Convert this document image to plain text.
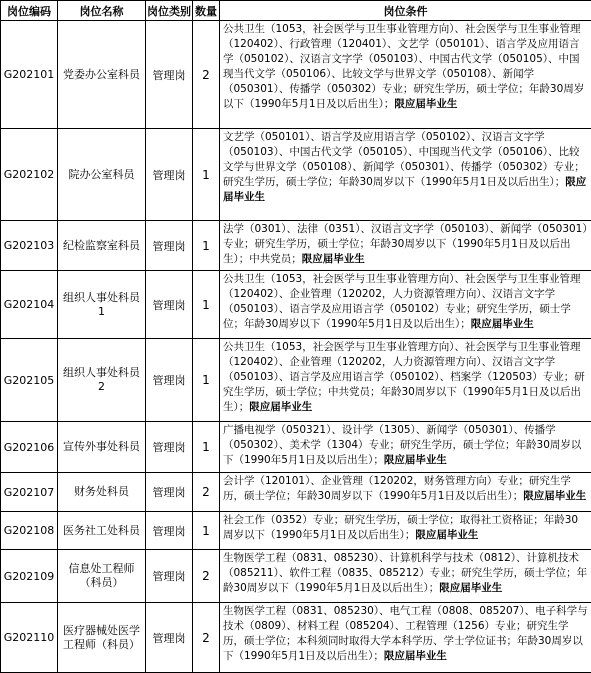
岗位编码	岗位名称	岗位类别	数量	岗位条件
G202101	党委办公室科员	管理岗	2	公共卫生（1053，社会医学与卫生事业管理方向）、社会医学与卫生事业管理（120402）、行政管理（120401）、文艺学（050101）、语言学及应用语言学（050102）、汉语言文字学（050103）、中国古代文学（050105）、中国现当代文学（050106）、比较文学与世界文学（050108）、新闻学（050301）、传播学（050302）专业；研究生学历，硕士学位；年龄30周岁以下（1990年5月1日及以后出生）；限应届毕业生
G202102	院办公室科员	管理岗	1	文艺学（050101）、语言学及应用语言学（050102）、汉语言文字学（050103）、中国古代文学（050105）、中国现当代文学（050106）、比较文学与世界文学（050108）、新闻学（050301）、传播学（050302）专业；研究生学历，硕士学位；年龄30周岁以下（1990年5月1日及以后出生）；限应届毕业生
G202103	纪检监察室科员	管理岗	1	法学（0301）、法律（0351）、汉语言文字学（050103）、新闻学（050301）专业；研究生学历，硕士学位；年龄30周岁以下（1990年5月1日及以后出生）；中共党员；限应届毕业生
G202104	组织人事处科员1	管理岗	1	公共卫生（1053，社会医学与卫生事业管理方向）、社会医学与卫生事业管理（120402）、企业管理（120202，人力资源管理方向）、汉语言文字学（050103）、语言学及应用语言学（050102）专业；研究生学历，硕士学位；年龄30周岁以下（1990年5月1日及以后出生）；限应届毕业生
G202105	组织人事处科员2	管理岗	1	公共卫生（1053，社会医学与卫生事业管理方向）、社会医学与卫生事业管理（120402）、企业管理（120202，人力资源管理方向）、汉语言文字学（050103）、语言学及应用语言学（050102）、档案学（120503）专业；研究生学历，硕士学位；中共党员；年龄30周岁以下（1990年5月1日及以后出生）；限应届毕业生
G202106	宣传外事处科员	管理岗	1	广播电视学（050321）、设计学（1305）、新闻学（050301）、传播学（050302）、美术学（1304）专业；研究生学历，硕士学位；年龄30周岁以下（1990年5月1日及以后出生）；限应届毕业生
G202107	财务处科员	管理岗	2	会计学（120101）、企业管理（120202，财务管理方向）专业；研究生学历，硕士学位；年龄30周岁以下（1990年5月1日及以后出生）；限应届毕业生
G202108	医务社工处科员	管理岗	1	社会工作（0352）专业；研究生学历，硕士学位；取得社工资格证；年龄30周岁以下（1990年5月1日及以后出生）；限应届毕业生
G202109	信息处工程师（科员）	管理岗	2	生物医学工程（0831、085230）、计算机科学与技术（0812）、计算机技术（085211）、软件工程（0835、085212）专业；研究生学历，硕士学位；年龄30周岁以下（1990年5月1日及以后出生）；限应届毕业生
G202110	医疗器械处医学工程师（科员）	管理岗	2	生物医学工程（0831、085230）、电气工程（0808、085207）、电子科学与技术（0809）、材料工程（085204）、工程管理（1256）专业；研究生学历，硕士学位；本科须同时取得大学本科学历、学士学位证书；年龄30周岁以下（1990年5月1日及以后出生）；限应届毕业生
